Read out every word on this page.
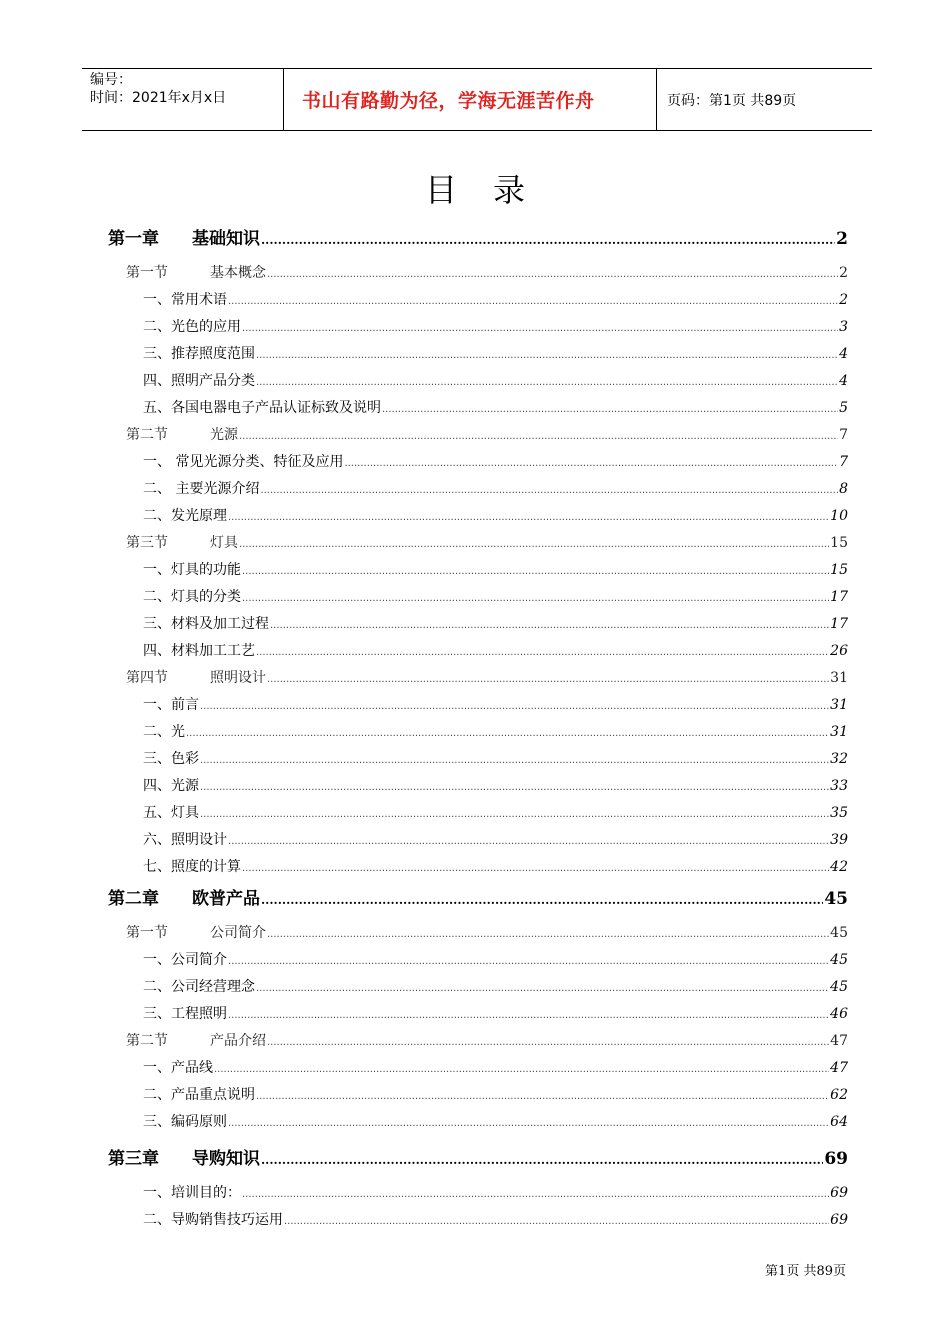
编号：
时间：2021年x月x日	书山有路勤为径，学海无涯苦作舟	页码：第1页 共89页
目录
第一章 基础知识 .....	2
第一节	基本概念 .....	2
一、常用术语 .....	2
二、光色的应用 .....	3
三、推荐照度范围 .....	4
四、照明产品分类 .....	4
五、各国电器电子产品认证标致及说明 .....	5
第二节	光源 .....	7
一、 常见光源分类、特征及应用 .....	7
二、 主要光源介绍 .....	8
二、发光原理 .....	10
第三节	灯具 .....	15
一、灯具的功能 .....	15
二、灯具的分类 .....	17
三、材料及加工过程 .....	17
四、材料加工工艺 .....	26
第四节	照明设计 .....	31
一、前言 .....	31
二、光 .....	31
三、色彩 .....	32
四、光源 .....	33
五、灯具 .....	35
六、照明设计 .....	39
七、照度的计算 .....	42
第二章 欧普产品 .....	45
第一节	公司简介 .....	45
一、公司简介 .....	45
二、公司经营理念 .....	45
三、工程照明 .....	46
第二节	产品介绍 .....	47
一、产品线 .....	47
二、产品重点说明 .....	62
三、编码原则 .....	64
第三章 导购知识 .....	69
一、培训目的： .....	69
二、导购销售技巧运用 .....	69
第1页 共89页
